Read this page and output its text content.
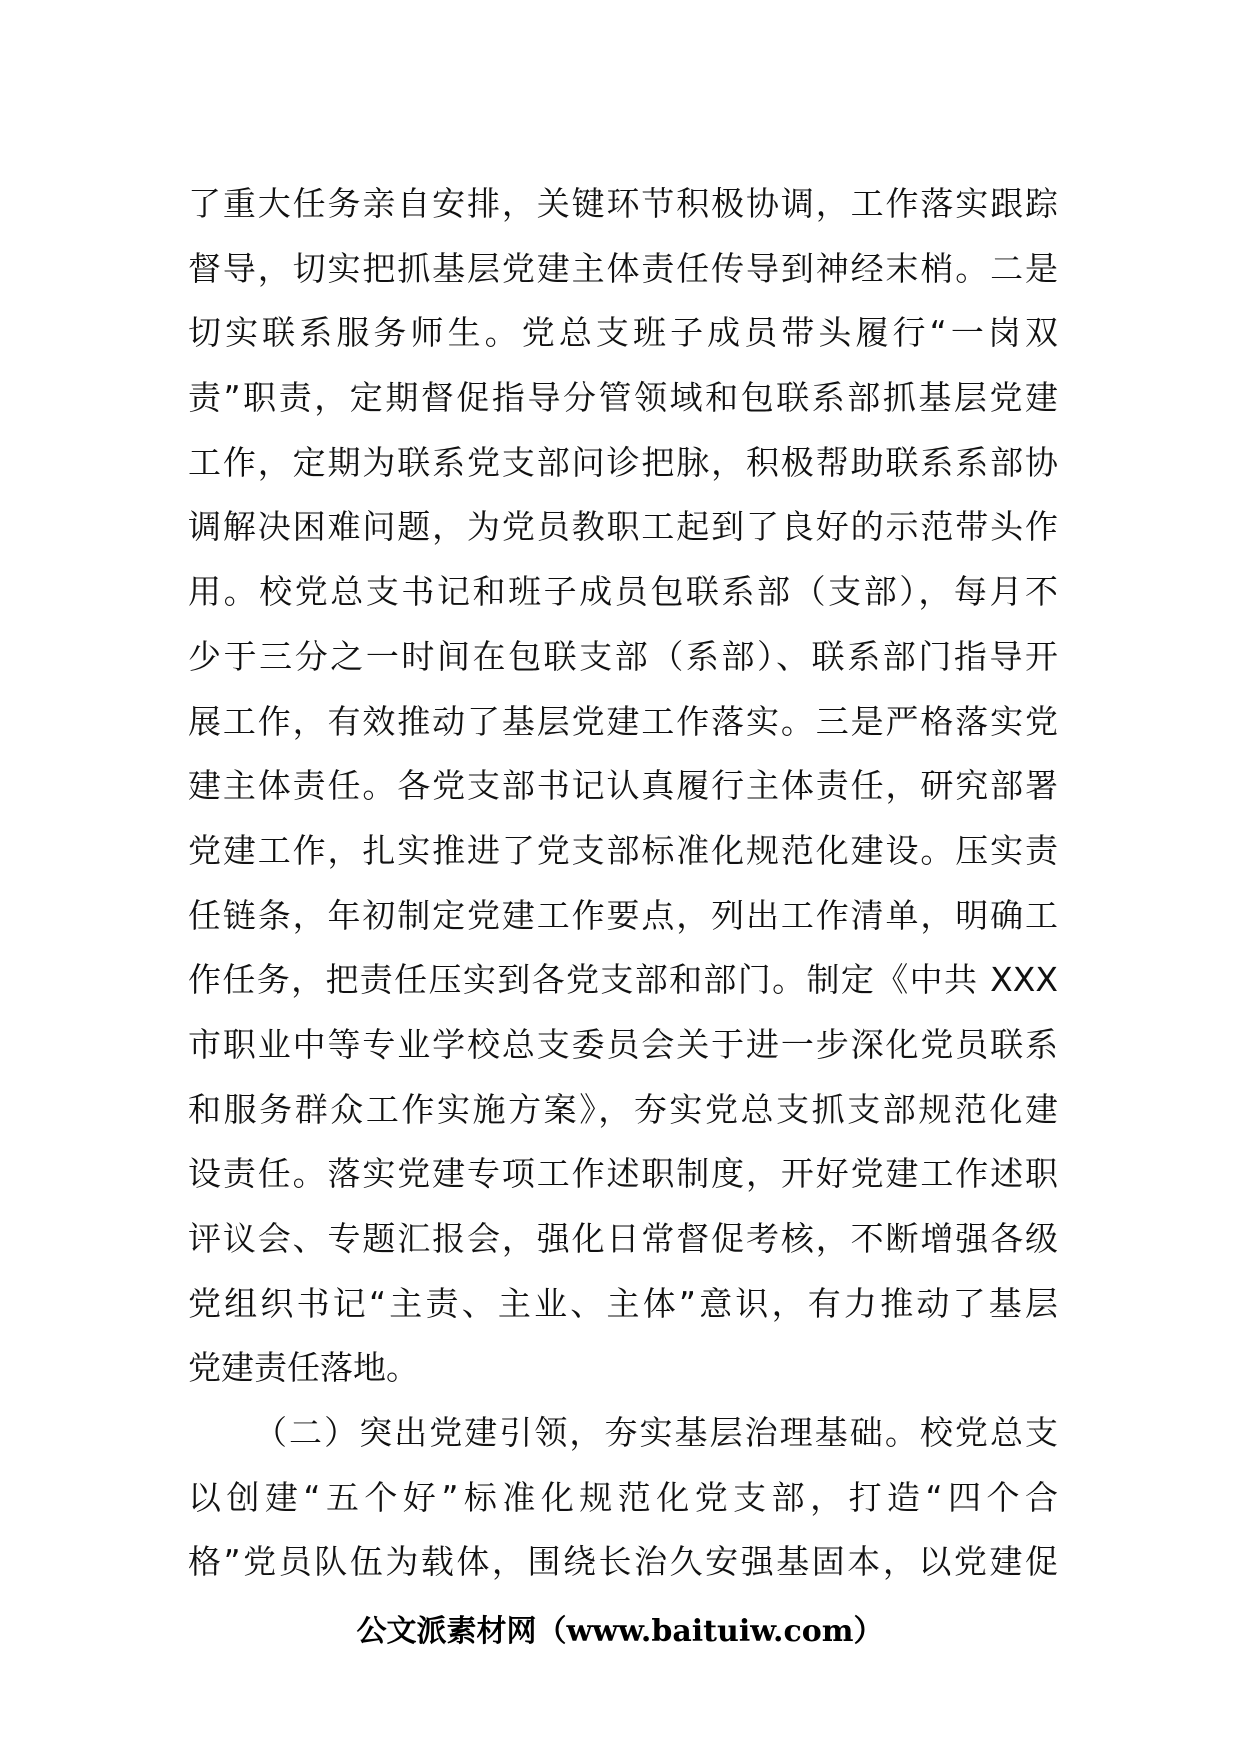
了重大任务亲自安排，关键环节积极协调，工作落实跟踪
督导，切实把抓基层党建主体责任传导到神经末梢。二是
切实联系服务师生。党总支班子成员带头履行“一岗双
责”职责，定期督促指导分管领域和包联系部抓基层党建
工作，定期为联系党支部问诊把脉，积极帮助联系系部协
调解决困难问题，为党员教职工起到了良好的示范带头作
用。校党总支书记和班子成员包联系部（支部），每月不
少于三分之一时间在包联支部（系部）、联系部门指导开
展工作，有效推动了基层党建工作落实。三是严格落实党
建主体责任。各党支部书记认真履行主体责任，研究部署
党建工作，扎实推进了党支部标准化规范化建设。压实责
任链条，年初制定党建工作要点，列出工作清单，明确工
作任务，把责任压实到各党支部和部门。制定《中共 XXX
市职业中等专业学校总支委员会关于进一步深化党员联系
和服务群众工作实施方案》，夯实党总支抓支部规范化建
设责任。落实党建专项工作述职制度，开好党建工作述职
评议会、专题汇报会，强化日常督促考核，不断增强各级
党组织书记“主责、主业、主体”意识，有力推动了基层
党建责任落地。
（二）突出党建引领，夯实基层治理基础。校党总支
以创建“五个好”标准化规范化党支部，打造“四个合
格”党员队伍为载体，围绕长治久安强基固本，以党建促
公文派素材网（www.baituiw.com）
